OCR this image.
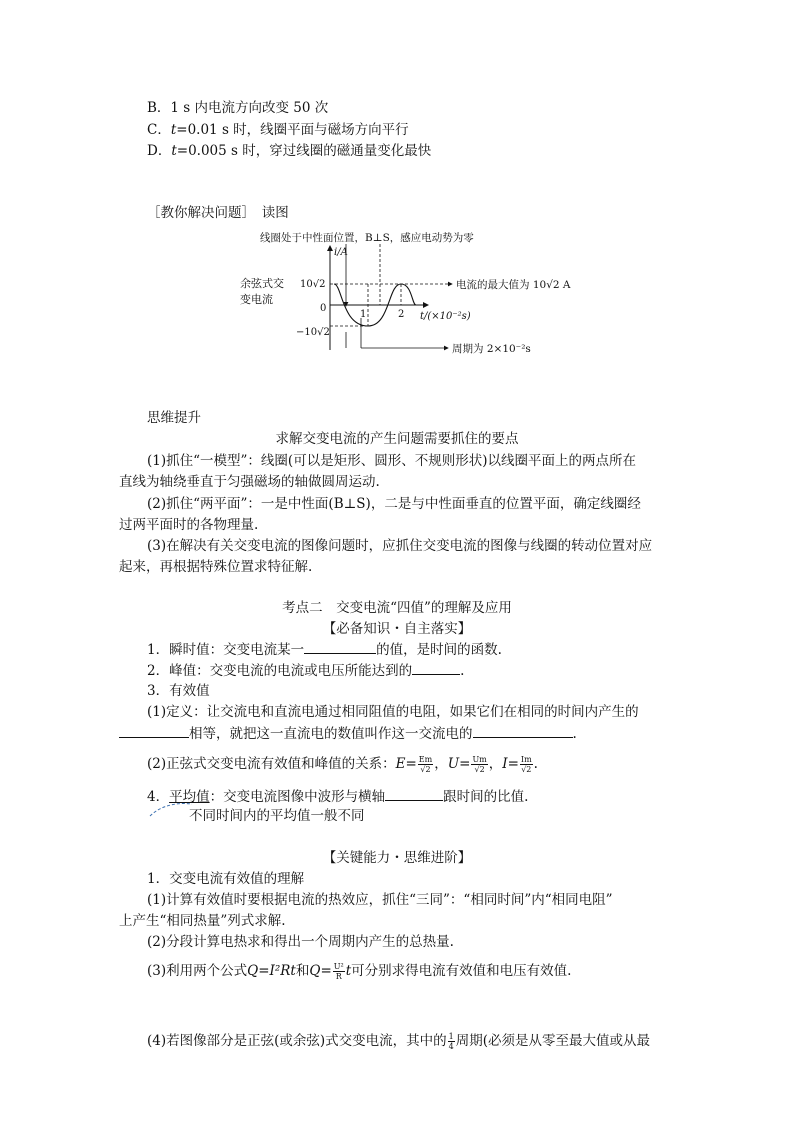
B．1 s 内电流方向改变 50 次
C．t=0.01 s 时，线圈平面与磁场方向平行
D．t=0.005 s 时，穿过线圈的磁通量变化最快
［教你解决问题］　读图
线圈处于中性面位置，B⊥S，感应电动势为零
余弦式交
变电流
i/A
0
10√2
−10√2
1	2 t/(×10⁻²s)
电流的最大值为 10√2 A
周期为 2×10⁻²s
思维提升
求解交变电流的产生问题需要抓住的要点
(1)抓住“一模型”：线圈(可以是矩形、圆形、不规则形状)以线圈平面上的两点所在
直线为轴绕垂直于匀强磁场的轴做圆周运动.
(2)抓住“两平面”：一是中性面(B⊥S)，二是与中性面垂直的位置平面，确定线圈经
过两平面时的各物理量.
(3)在解决有关交变电流的图像问题时，应抓住交变电流的图像与线圈的转动位置对应
起来，再根据特殊位置求特征解.
考点二　交变电流“四值”的理解及应用
【必备知识・自主落实】
1．瞬时值：交变电流某一	的值，是时间的函数.
2．峰值：交变电流的电流或电压所能达到的	.
3．有效值
(1)定义：让交流电和直流电通过相同阻值的电阻，如果它们在相同的时间内产生的
相等，就把这一直流电的数值叫作这一交流电的	.
(2)正弦式交变电流有效值和峰值的关系：$E= \frac{Em}{√2}$ ，$U= \frac{Um}{√2}$ ，$I= \frac{Im}{√2}$ .
4．平均值：交变电流图像中波形与横轴	跟时间的比值.
不同时间内的平均值一般不同
【关键能力・思维进阶】
1．交变电流有效值的理解
(1)计算有效值时要根据电流的热效应，抓住“三同”：“相同时间”内“相同电阻”
上产生“相同热量”列式求解.
(2)分段计算电热求和得出一个周期内产生的总热量.
(3)利用两个公式Q=I²Rt和$Q= \frac{\text{U²}}{R}$ t可分别求得电流有效值和电压有效值.
(4)若图像部分是正弦(或余弦)式交变电流，其中的 $\frac{1}{4}$ 周期(必须是从零至最大值或从最
